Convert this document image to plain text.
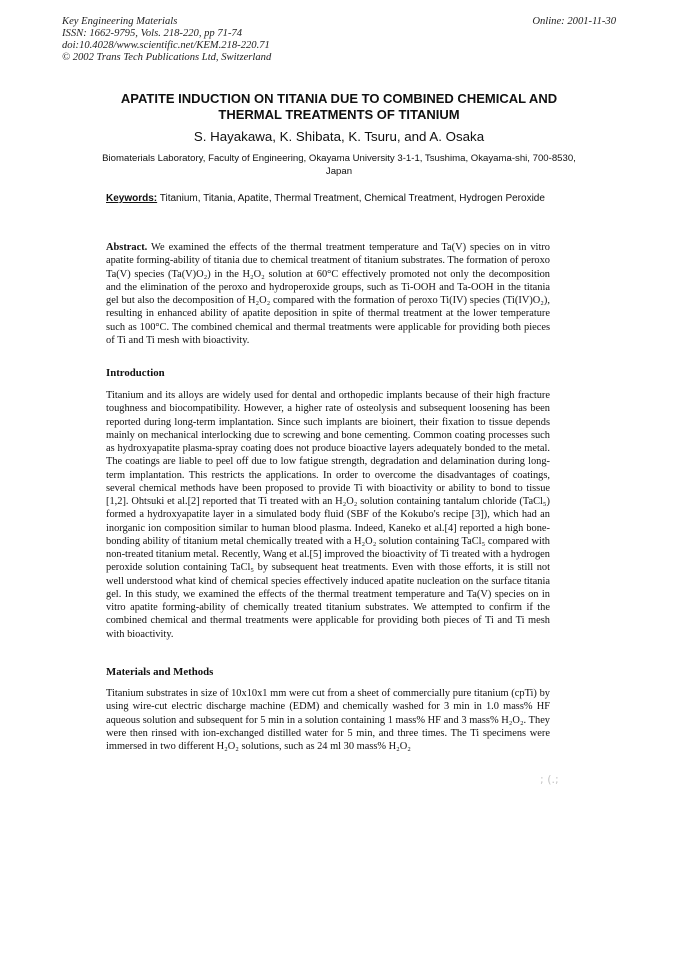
Key Engineering Materials
ISSN: 1662-9795, Vols. 218-220, pp 71-74
doi:10.4028/www.scientific.net/KEM.218-220.71
© 2002 Trans Tech Publications Ltd, Switzerland
Online: 2001-11-30
APATITE INDUCTION ON TITANIA DUE TO COMBINED CHEMICAL AND
THERMAL TREATMENTS OF TITANIUM
S. Hayakawa, K. Shibata, K. Tsuru, and A. Osaka
Biomaterials Laboratory, Faculty of Engineering, Okayama University 3-1-1, Tsushima, Okayama-shi, 700-8530, Japan
Keywords: Titanium, Titania, Apatite, Thermal Treatment, Chemical Treatment, Hydrogen Peroxide

Abstract. We examined the effects of the thermal treatment temperature and Ta(V) species on in vitro apatite forming-ability of titania due to chemical treatment of titanium substrates. The formation of peroxo Ta(V) species (Ta(V)O₂) in the H₂O₂ solution at 60°C effectively promoted not only the decomposition and the elimination of the peroxo and hydroperoxide groups, such as Ti-OOH and Ta-OOH in the titania gel but also the decomposition of H₂O₂ compared with the formation of peroxo Ti(IV) species (Ti(IV)O₂), resulting in enhanced ability of apatite deposition in spite of thermal treatment at the lower temperature such as 100°C. The combined chemical and thermal treatments were applicable for providing both pieces of Ti and Ti mesh with bioactivity.

Introduction

Titanium and its alloys are widely used for dental and orthopedic implants because of their high fracture toughness and biocompatibility. However, a higher rate of osteolysis and subsequent loosening has been reported during long-term implantation. Since such implants are bioinert, their fixation to tissue depends mainly on mechanical interlocking due to screwing and bone cementing. Common coating processes such as hydroxyapatite plasma-spray coating does not produce bioactive layers adequately bonded to the metal. The coatings are liable to peel off due to low fatigue strength, degradation and delamination during long-term implantation. This restricts the applications. In order to overcome the disadvantages of coatings, several chemical methods have been proposed to provide Ti with bioactivity or ability to bond to tissue [1,2]. Ohtsuki et al.[2] reported that Ti treated with an H₂O₂ solution containing tantalum chloride (TaCl₅) formed a hydroxyapatite layer in a simulated body fluid (SBF of the Kokubo's recipe [3]), which had an inorganic ion composition similar to human blood plasma. Indeed, Kaneko et al.[4] reported a high bone-bonding ability of titanium metal chemically treated with a H₂O₂ solution containing TaCl₅ compared with non-treated titanium metal. Recently, Wang et al.[5] improved the bioactivity of Ti treated with a hydrogen peroxide solution containing TaCl₅ by subsequent heat treatments. Even with those efforts, it is still not well understood what kind of chemical species effectively induced apatite nucleation on the surface titania gel. In this study, we examined the effects of the thermal treatment temperature and Ta(V) species on in vitro apatite forming-ability of chemically treated titanium substrates. We attempted to confirm if the combined chemical and thermal treatments were applicable for providing both pieces of Ti and Ti mesh with bioactivity.

Materials and Methods

Titanium substrates in size of 10x10x1 mm were cut from a sheet of commercially pure titanium (cpTi) by using wire-cut electric discharge machine (EDM) and chemically washed for 3 min in 1.0 mass% HF aqueous solution and subsequent for 5 min in a solution containing 1 mass% HF and 3 mass% H₂O₂. They were then rinsed with ion-exchanged distilled water for 5 min, and three times. The Ti specimens were immersed in two different H₂O₂ solutions, such as 24 ml 30 mass% H₂O₂

; (.;
